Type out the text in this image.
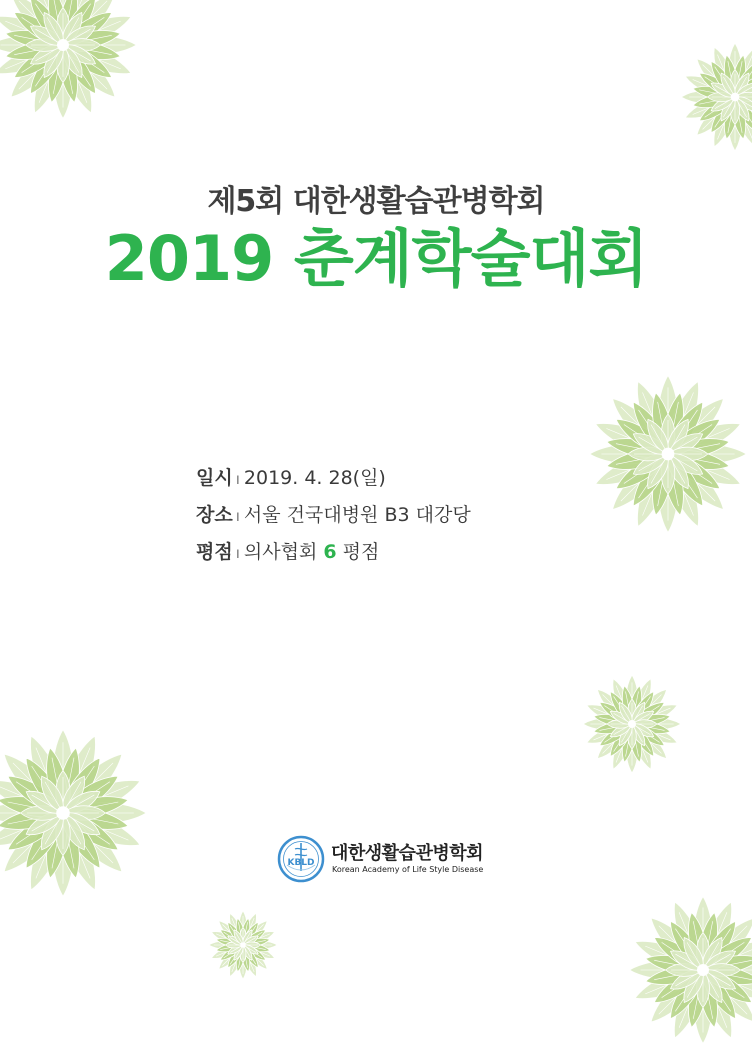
제5회 대한생활습관병학회
2019 춘계학술대회
일시 ı 2019. 4. 28(일)
장소 ı 서울 건국대병원 B3 대강당
평점 ı 의사협회 6 평점
KBLD 대한생활습관병학회
Korean Academy of Life Style Disease
